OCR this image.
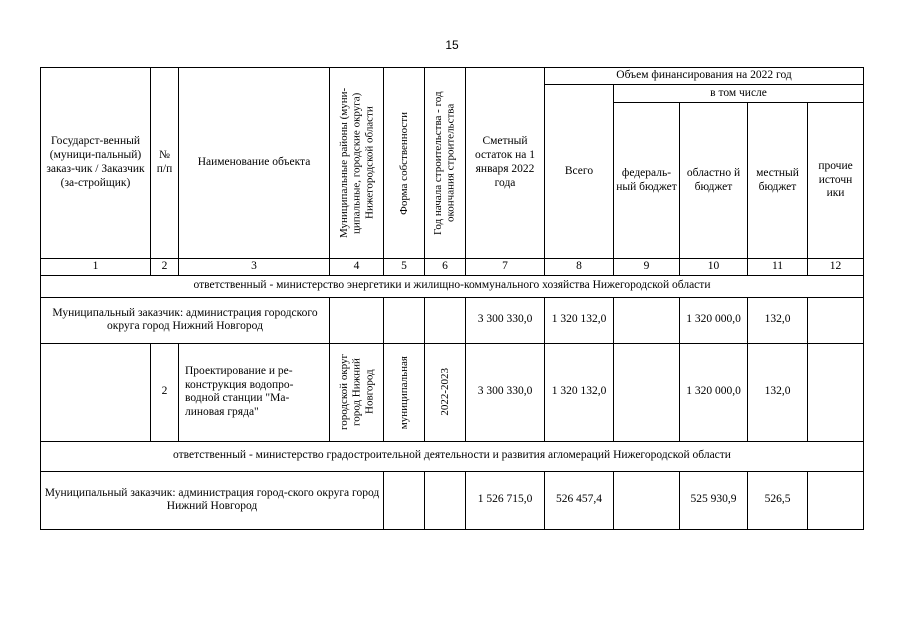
15
Государст-венный (муници-пальный) заказ-чик / Заказчик (за-стройщик)	№ п/п	Наименование объекта	Муниципальные районы (муни-ципальные, городские округа) Нижегородской области	Форма собственности	Год начала строительства - год окончания строительства	Сметный остаток на 1 января 2022 года	Объем финансирования на 2022 год				
							Всего	в том числе			
								федераль-ный бюджет	областно й бюджет	местный бюджет	прочие источн ики
1	2	3	4	5	6	7	8	9	10	11	12
ответственный - министерство энергетики и жилищно-коммунального хозяйства Нижегородской области											
Муниципальный заказчик: администрация городского округа город Нижний Новгород						3 300 330,0	1 320 132,0		1 320 000,0	132,0	
	2	Проектирование и ре-конструкция водопро-водной станции "Ма-линовая гряда"	городской округ город Нижний Новгород	муниципальная	2022-2023	3 300 330,0	1 320 132,0		1 320 000,0	132,0	
ответственный - министерство градостроительной деятельности и развития агломераций Нижегородской области											
Муниципальный заказчик: администрация город-ского округа город Нижний Новгород						1 526 715,0	526 457,4		525 930,9	526,5	
